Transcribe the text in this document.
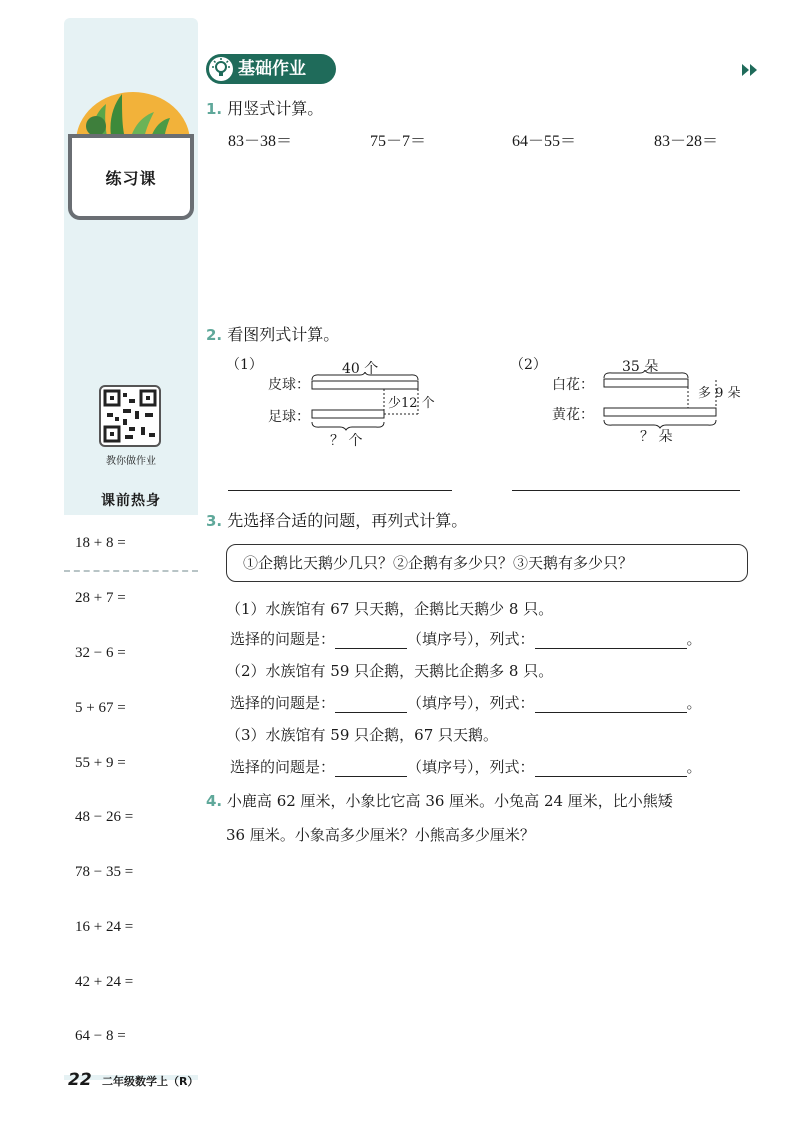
练习课
教你做作业
课前热身
18 + 8 =
28 + 7 =
32 − 6 =
5 + 67 =
55 + 9 =
48 − 26 =
78 − 35 =
16 + 24 =
42 + 24 =
64 − 8 =
基础作业
1. 用竖式计算。
83－38＝	75－7＝	64－55＝	83－28＝
2. 看图列式计算。
（1）	40 个
皮球：
足球：
少12 个
？ 个
（2）	35 朵
白花：
黄花：
多 9 朵
？ 朵
3. 先选择合适的问题，再列式计算。
①企鹅比天鹅少几只？②企鹅有多少只？③天鹅有多少只？
（1）水族馆有 67 只天鹅，企鹅比天鹅少 8 只。
选择的问题是：	（填序号），列式：	。
（2）水族馆有 59 只企鹅，天鹅比企鹅多 8 只。
选择的问题是：	（填序号），列式：	。
（3）水族馆有 59 只企鹅，67 只天鹅。
选择的问题是：	（填序号），列式：	。
4. 小鹿高 62 厘米，小象比它高 36 厘米。小兔高 24 厘米，比小熊矮
36 厘米。小象高多少厘米？小熊高多少厘米？
22 二年级数学上（R）
